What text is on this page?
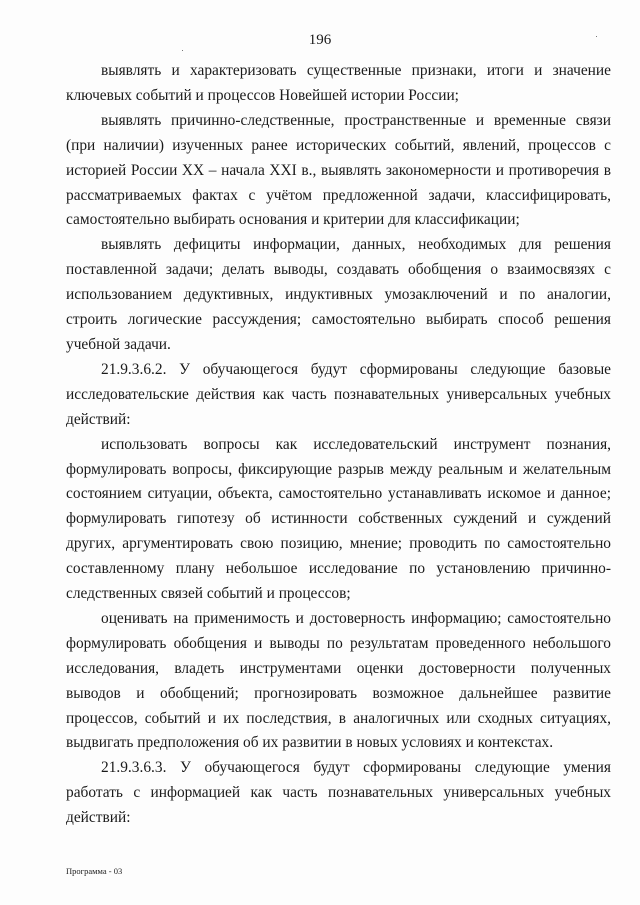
196

выявлять и характеризовать существенные признаки, итоги и значение ключевых событий и процессов Новейшей истории России;

выявлять причинно-следственные, пространственные и временные связи (при наличии) изученных ранее исторических событий, явлений, процессов с историей России XX – начала XXI в., выявлять закономерности и противоречия в рассматриваемых фактах с учётом предложенной задачи, классифицировать, самостоятельно выбирать основания и критерии для классификации;

выявлять дефициты информации, данных, необходимых для решения поставленной задачи; делать выводы, создавать обобщения о взаимосвязях с использованием дедуктивных, индуктивных умозаключений и по аналогии, строить логические рассуждения; самостоятельно выбирать способ решения учебной задачи.

21.9.3.6.2. У обучающегося будут сформированы следующие базовые исследовательские действия как часть познавательных универсальных учебных действий:

использовать вопросы как исследовательский инструмент познания, формулировать вопросы, фиксирующие разрыв между реальным и желательным состоянием ситуации, объекта, самостоятельно устанавливать искомое и данное; формулировать гипотезу об истинности собственных суждений и суждений других, аргументировать свою позицию, мнение; проводить по самостоятельно составленному плану небольшое исследование по установлению причинно-следственных связей событий и процессов;

оценивать на применимость и достоверность информацию; самостоятельно формулировать обобщения и выводы по результатам проведенного небольшого исследования, владеть инструментами оценки достоверности полученных выводов и обобщений; прогнозировать возможное дальнейшее развитие процессов, событий и их последствия, в аналогичных или сходных ситуациях, выдвигать предположения об их развитии в новых условиях и контекстах.

21.9.3.6.3. У обучающегося будут сформированы следующие умения работать с информацией как часть познавательных универсальных учебных действий:

Программа - 03
